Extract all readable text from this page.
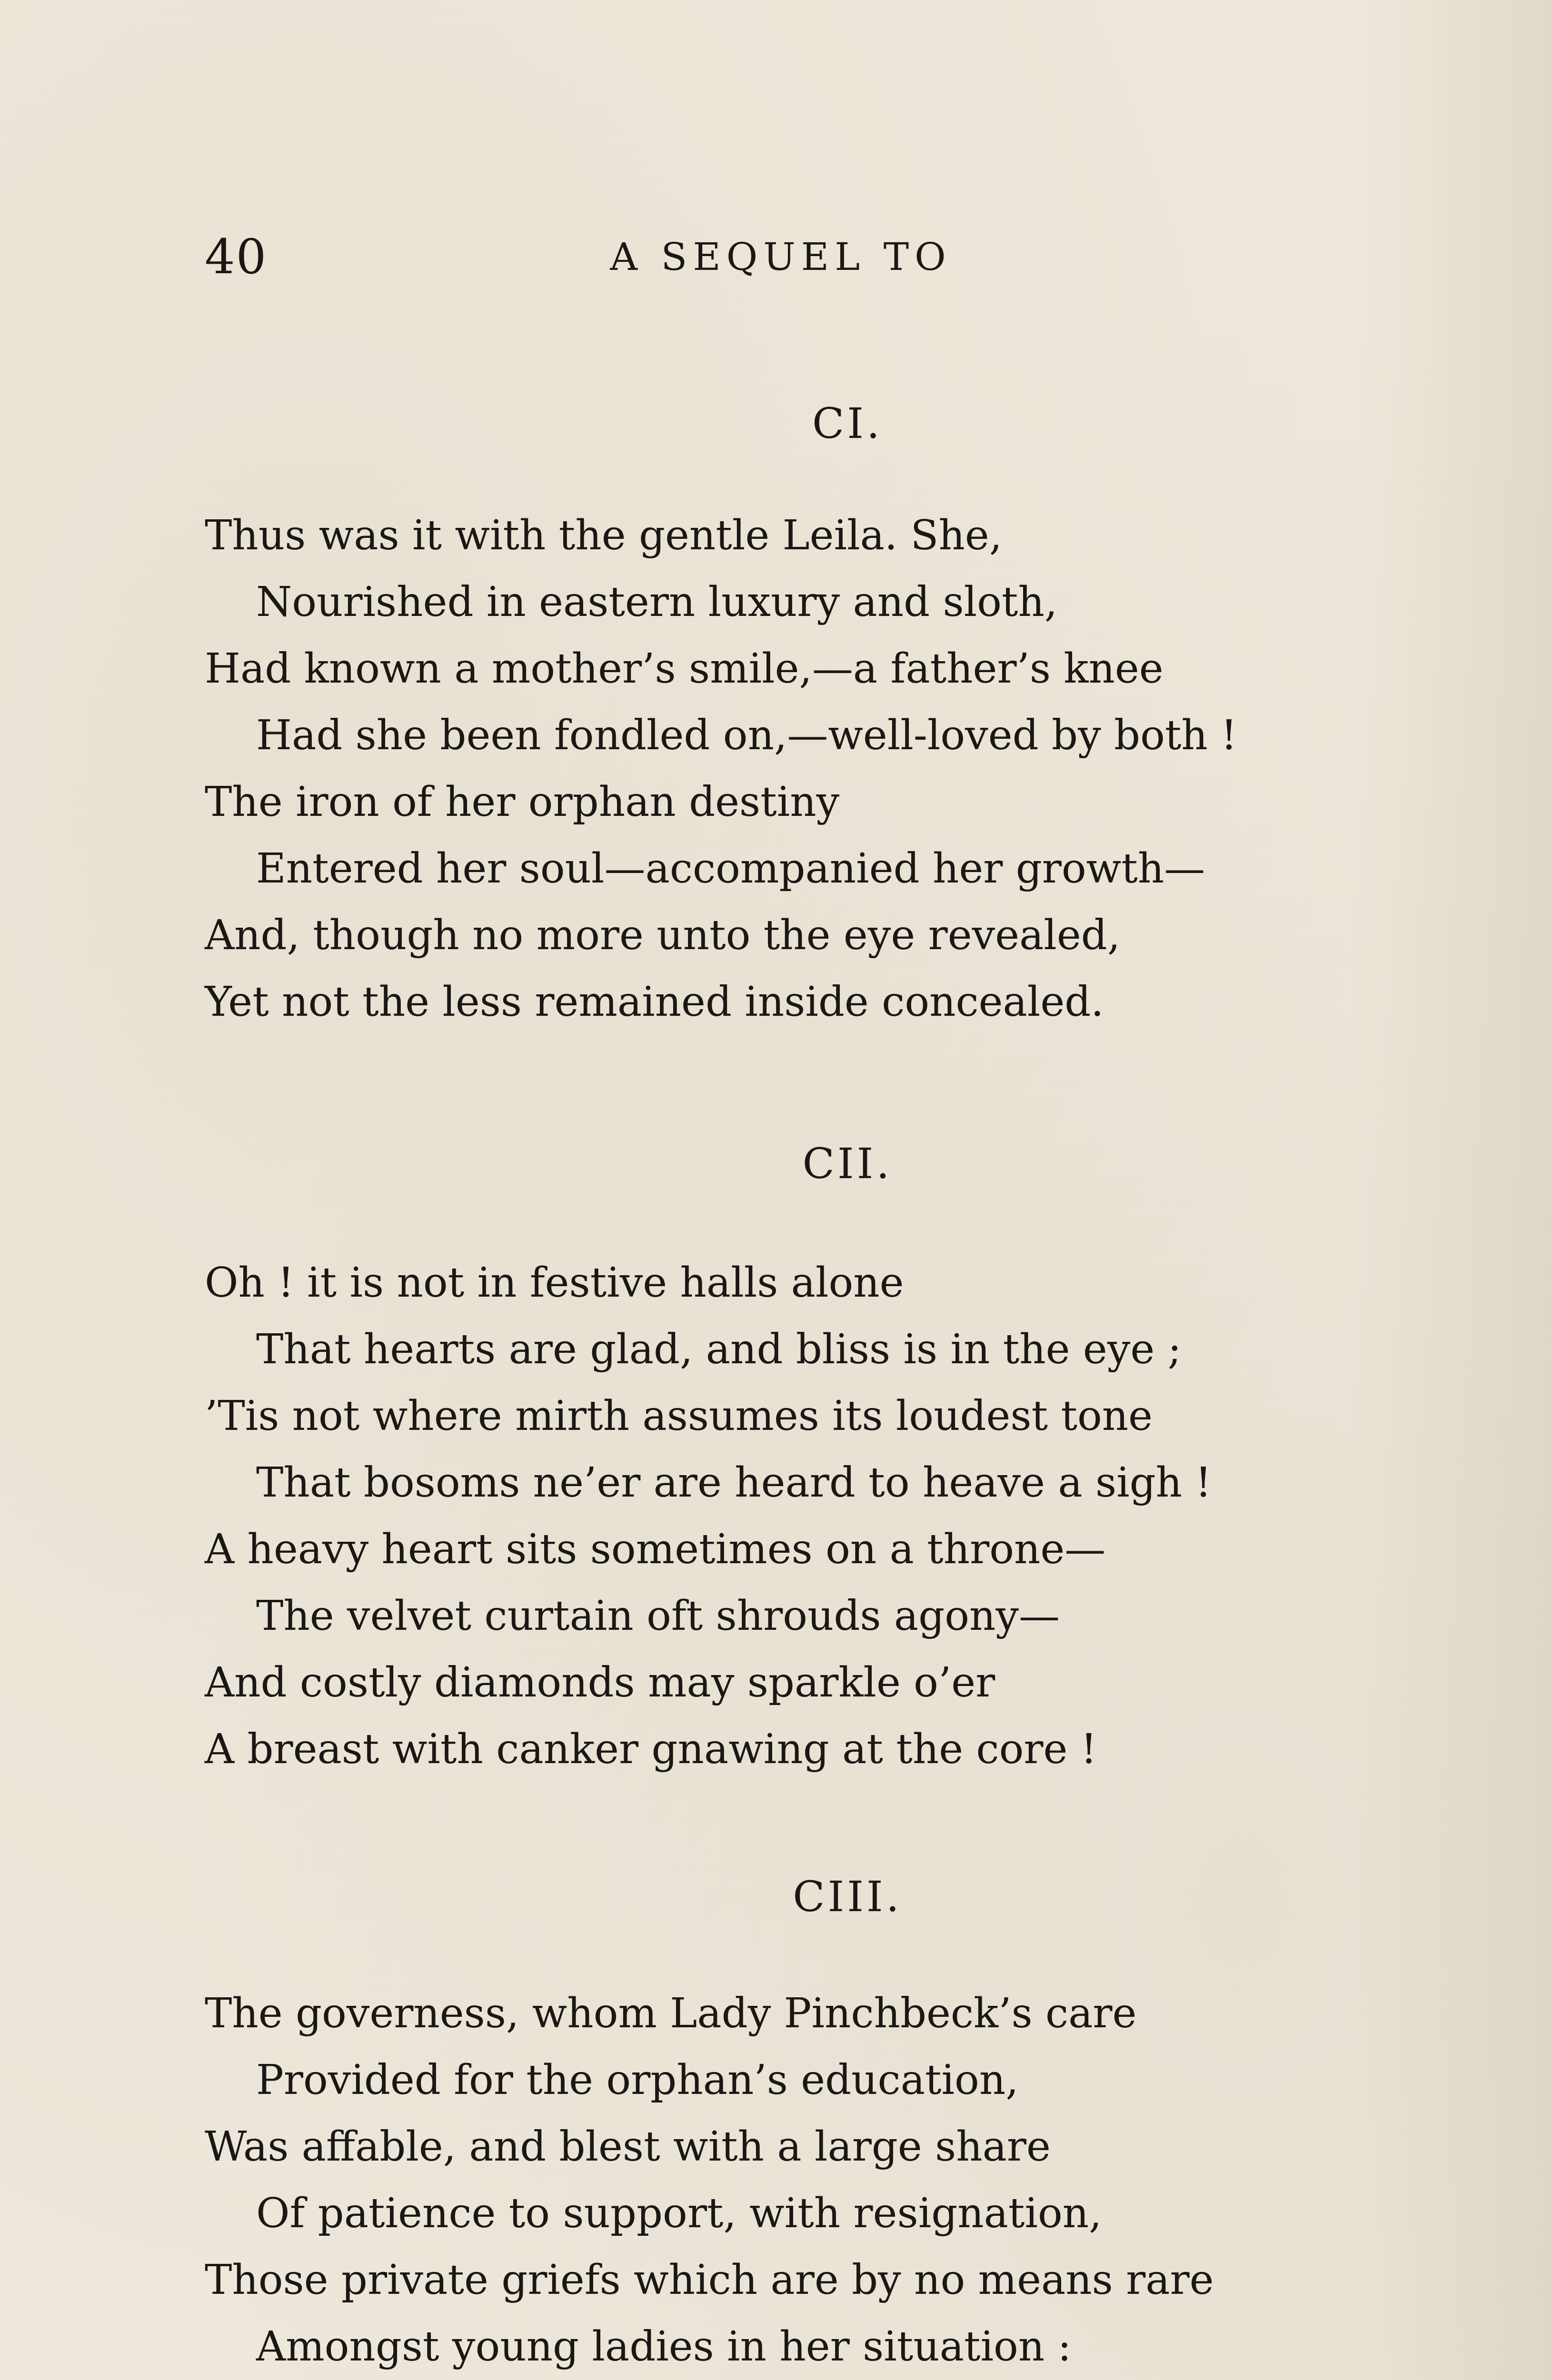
40	A SEQUEL TO
CI.
Thus was it with the gentle Leila. She,
Nourished in eastern luxury and sloth,
Had known a mother’s smile,—a father’s knee
Had she been fondled on,—well-loved by both !
The iron of her orphan destiny
Entered her soul—accompanied her growth—
And, though no more unto the eye revealed,
Yet not the less remained inside concealed.
CII.
Oh ! it is not in festive halls alone
That hearts are glad, and bliss is in the eye ;
’Tis not where mirth assumes its loudest tone
That bosoms ne’er are heard to heave a sigh !
A heavy heart sits sometimes on a throne—
The velvet curtain oft shrouds agony—
And costly diamonds may sparkle o’er
A breast with canker gnawing at the core !
CIII.
The governess, whom Lady Pinchbeck’s care
Provided for the orphan’s education,
Was affable, and blest with a large share
Of patience to support, with resignation,
Those private griefs which are by no means rare
Amongst young ladies in her situation :
